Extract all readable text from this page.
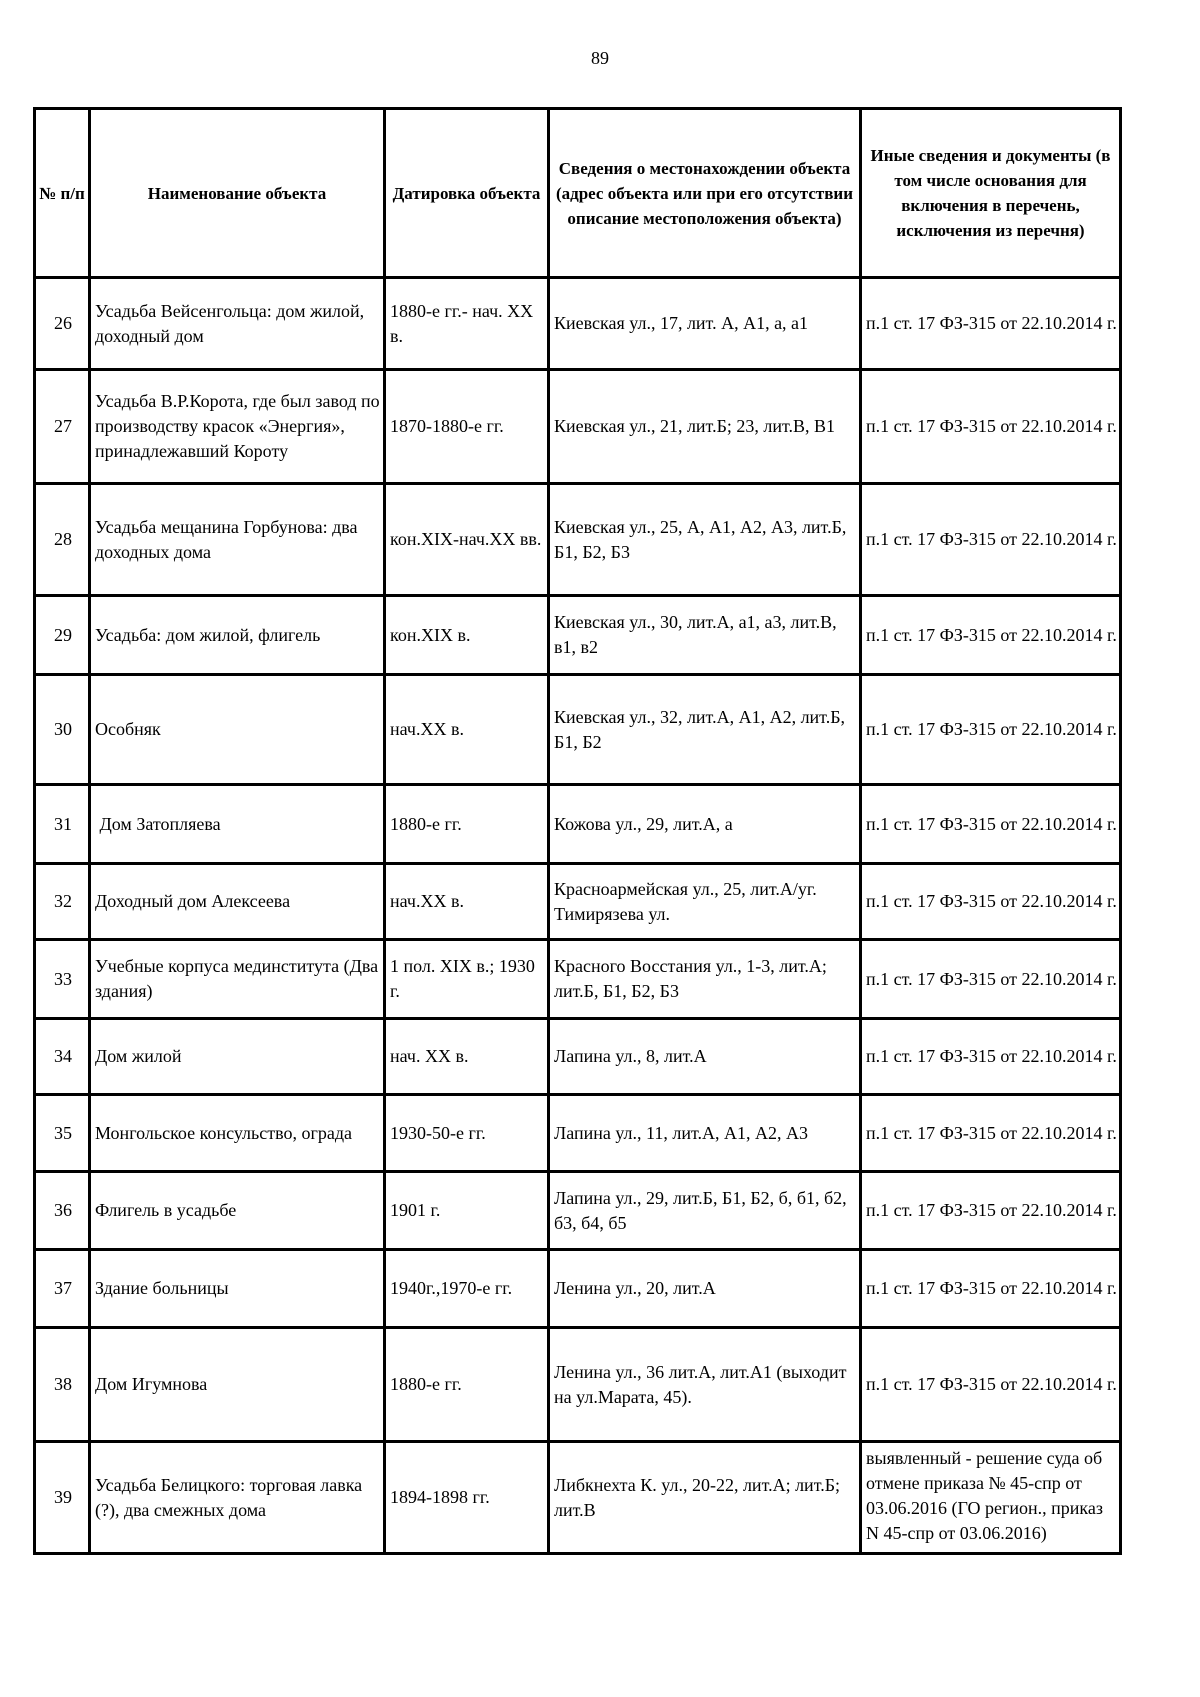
89
№ п/п	Наименование объекта	Датировка объекта	Сведения о местонахождении объекта (адрес объекта или при его отсутствии описание местоположения объекта)	Иные сведения и документы (в том числе основания для включения в перечень, исключения из перечня)
26	Усадьба Вейсенгольца: дом жилой, доходный дом	1880-е гг.- нач. XX в.	Киевская ул., 17, лит. А, А1, а, а1	п.1 ст. 17 ФЗ-315 от 22.10.2014 г.
27	Усадьба В.Р.Корота, где был завод по производству красок «Энергия», принадлежавший Короту	1870-1880-е гг.	Киевская ул., 21, лит.Б; 23, лит.В, В1	п.1 ст. 17 ФЗ-315 от 22.10.2014 г.
28	Усадьба мещанина Горбунова: два доходных дома	кон.XIX-нач.XX вв.	Киевская ул., 25, А, А1, А2, А3, лит.Б, Б1, Б2, Б3	п.1 ст. 17 ФЗ-315 от 22.10.2014 г.
29	Усадьба: дом жилой, флигель	кон.XIX в.	Киевская ул., 30, лит.А, а1, а3, лит.В, в1, в2	п.1 ст. 17 ФЗ-315 от 22.10.2014 г.
30	Особняк	нач.XX в.	Киевская ул., 32, лит.А, А1, А2, лит.Б, Б1, Б2	п.1 ст. 17 ФЗ-315 от 22.10.2014 г.
31	Дом Затопляева	1880-е гг.	Кожова ул., 29, лит.А, а	п.1 ст. 17 ФЗ-315 от 22.10.2014 г.
32	Доходный дом Алексеева	нач.XX в.	Красноармейская ул., 25, лит.А/уг. Тимирязева ул.	п.1 ст. 17 ФЗ-315 от 22.10.2014 г.
33	Учебные корпуса мединститута (Два здания)	1 пол. XIX в.; 1930 г.	Красного Восстания ул., 1-3, лит.А; лит.Б, Б1, Б2, Б3	п.1 ст. 17 ФЗ-315 от 22.10.2014 г.
34	Дом жилой	нач. XX в.	Лапина ул., 8, лит.А	п.1 ст. 17 ФЗ-315 от 22.10.2014 г.
35	Монгольское консульство, ограда	1930-50-е гг.	Лапина ул., 11, лит.А, А1, А2, А3	п.1 ст. 17 ФЗ-315 от 22.10.2014 г.
36	Флигель в усадьбе	1901 г.	Лапина ул., 29, лит.Б, Б1, Б2, б, б1, б2, б3, б4, б5	п.1 ст. 17 ФЗ-315 от 22.10.2014 г.
37	Здание больницы	1940г.,1970-е гг.	Ленина ул., 20, лит.А	п.1 ст. 17 ФЗ-315 от 22.10.2014 г.
38	Дом Игумнова	1880-е гг.	Ленина ул., 36 лит.А, лит.А1 (выходит на ул.Марата, 45).	п.1 ст. 17 ФЗ-315 от 22.10.2014 г.
39	Усадьба Белицкого: торговая лавка (?), два смежных дома	1894-1898 гг.	Либкнехта К. ул., 20-22, лит.А; лит.Б; лит.В	выявленный - решение суда об отмене приказа № 45-спр от 03.06.2016 (ГО регион., приказ N 45-спр от 03.06.2016)
